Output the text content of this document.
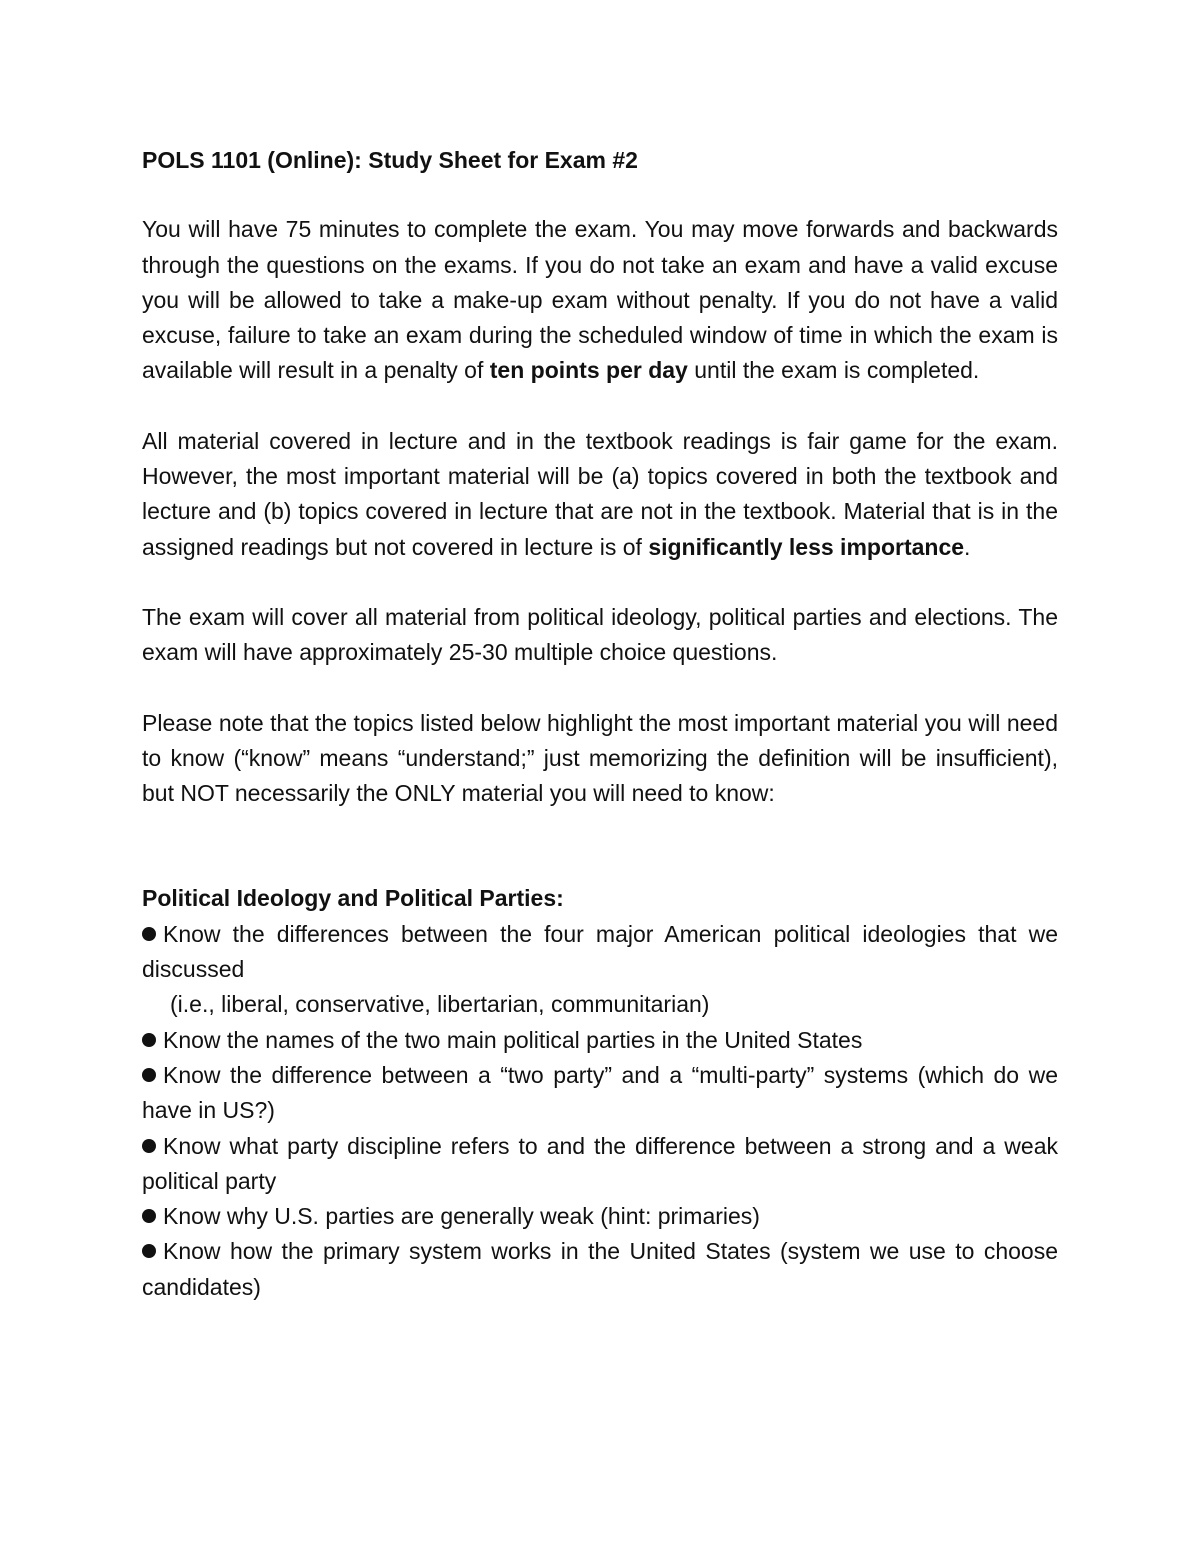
POLS 1101 (Online): Study Sheet for Exam #2

You will have 75 minutes to complete the exam. You may move forwards and backwards through the questions on the exams. If you do not take an exam and have a valid excuse you will be allowed to take a make-up exam without penalty. If you do not have a valid excuse, failure to take an exam during the scheduled window of time in which the exam is available will result in a penalty of ten points per day until the exam is completed.

All material covered in lecture and in the textbook readings is fair game for the exam. However, the most important material will be (a) topics covered in both the textbook and lecture and (b) topics covered in lecture that are not in the textbook. Material that is in the assigned readings but not covered in lecture is of significantly less importance.

The exam will cover all material from political ideology, political parties and elections. The exam will have approximately 25-30 multiple choice questions.

Please note that the topics listed below highlight the most important material you will need to know (“know” means “understand;” just memorizing the definition will be insufficient), but NOT necessarily the ONLY material you will need to know:

Political Ideology and Political Parties:
Know the differences between the four major American political ideologies that we discussed
(i.e., liberal, conservative, libertarian, communitarian)
Know the names of the two main political parties in the United States
Know the difference between a “two party” and a “multi-party” systems (which do we have in US?)
Know what party discipline refers to and the difference between a strong and a weak political party
Know why U.S. parties are generally weak (hint: primaries)
Know how the primary system works in the United States (system we use to choose candidates)
